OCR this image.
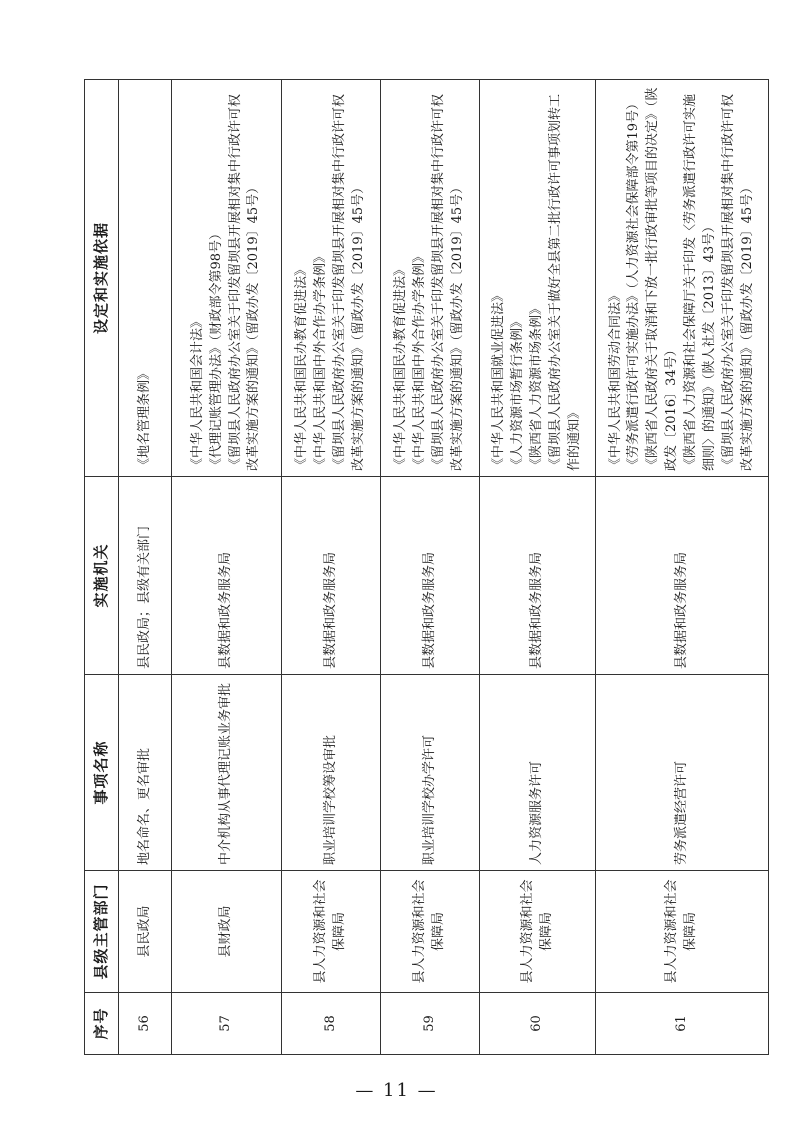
序号	县级主管部门	事项名称	实施机关	设定和实施依据
56	县民政局	地名命名、更名审批	县民政局；县级有关部门	《地名管理条例》

57	县财政局	中介机构从事代理记账业务审批	县数据和政务服务局	《中华人民共和国会计法》 《代理记账管理办法》（财政部令第98号） 《留坝县人民政府办公室关于印发留坝县开展相对集中行政许可权改革实施方案的通知》（留政办发〔2019〕45号）

58	县人力资源和社会保障局	职业培训学校筹设审批	县数据和政务服务局	《中华人民共和国民办教育促进法》 《中华人民共和国中外合作办学条例》 《留坝县人民政府办公室关于印发留坝县开展相对集中行政许可权改革实施方案的通知》（留政办发〔2019〕45号）

59	县人力资源和社会保障局	职业培训学校办学许可	县数据和政务服务局	《中华人民共和国民办教育促进法》 《中华人民共和国中外合作办学条例》 《留坝县人民政府办公室关于印发留坝县开展相对集中行政许可权改革实施方案的通知》（留政办发〔2019〕45号）

60	县人力资源和社会保障局	人力资源服务许可	县数据和政务服务局	《中华人民共和国就业促进法》 《人力资源市场暂行条例》 《陕西省人力资源市场条例》 《留坝县人民政府办公室关于做好全县第二批行政许可事项划转工作的通知》

61	县人力资源和社会保障局	劳务派遣经营许可	县数据和政务服务局	《中华人民共和国劳动合同法》 《劳务派遣行政许可实施办法》（人力资源社会保障部令第19号） 《陕西省人民政府关于取消和下放一批行政审批等项目的决定》（陕政发〔2016〕34号） 《陕西省人力资源和社会保障厅关于印发〈劳务派遣行政许可实施细则〉的通知》（陕人社发〔2013〕43号） 《留坝县人民政府办公室关于印发留坝县开展相对集中行政许可权改革实施方案的通知》（留政办发〔2019〕45号）
— 11 —
